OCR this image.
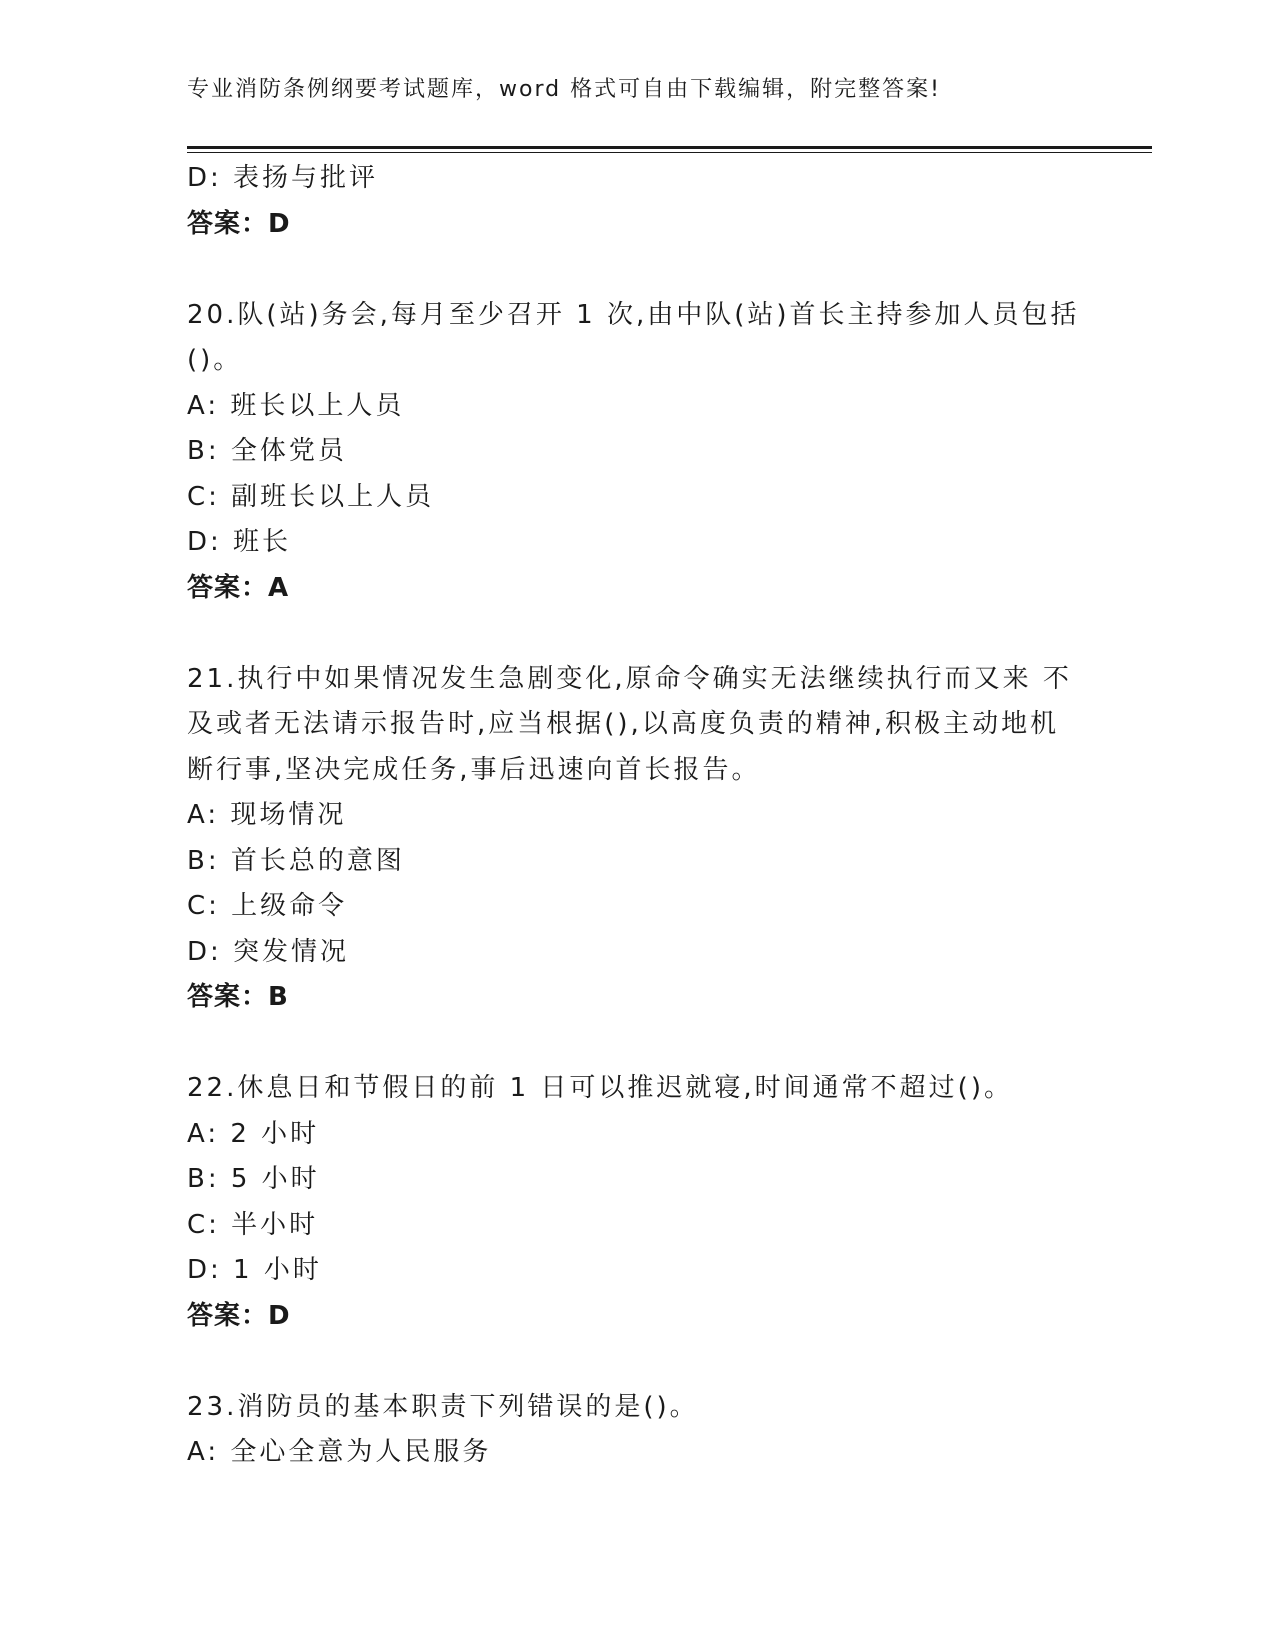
专业消防条例纲要考试题库，word 格式可自由下载编辑，附完整答案!
D: 表扬与批评
答案：D
20.队(站)务会,每月至少召开 1 次,由中队(站)首长主持参加人员包括
()。
A: 班长以上人员
B: 全体党员
C: 副班长以上人员
D: 班长
答案：A
21.执行中如果情况发生急剧变化,原命令确实无法继续执行而又来 不
及或者无法请示报告时,应当根据(),以高度负责的精神,积极主动地机
断行事,坚决完成任务,事后迅速向首长报告。
A: 现场情况
B: 首长总的意图
C: 上级命令
D: 突发情况
答案：B
22.休息日和节假日的前 1 日可以推迟就寝,时间通常不超过()。
A: 2 小时
B: 5 小时
C: 半小时
D: 1 小时
答案：D
23.消防员的基本职责下列错误的是()。
A: 全心全意为人民服务
